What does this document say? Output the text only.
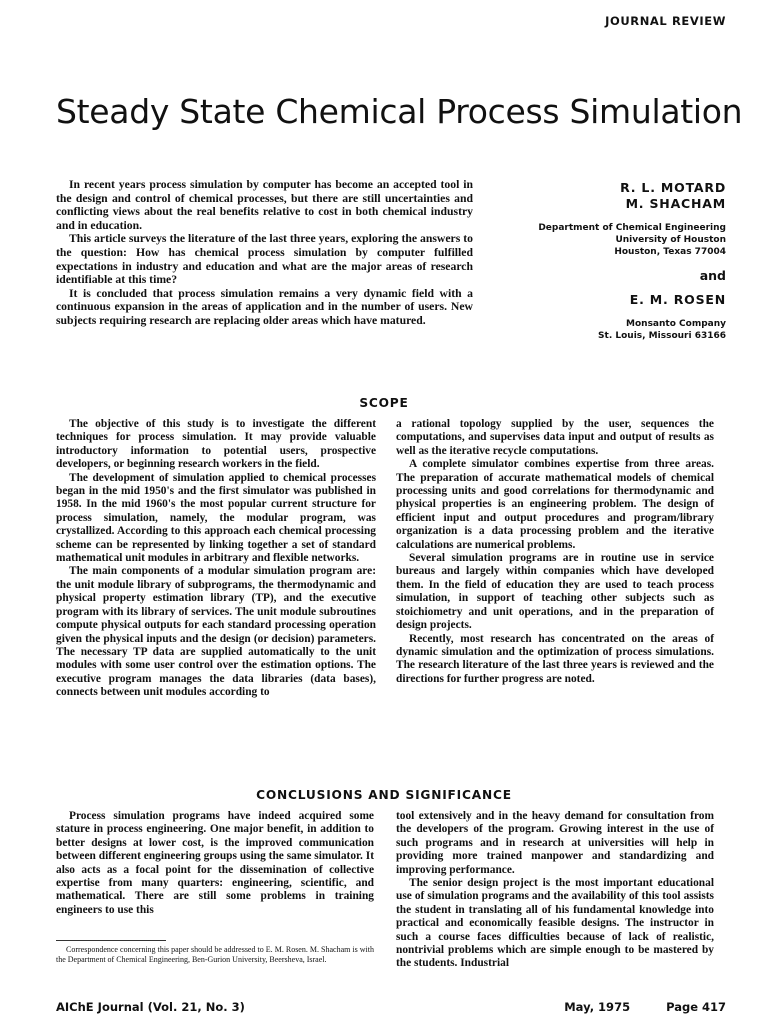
JOURNAL REVIEW
Steady State Chemical Process Simulation

In recent years process simulation by computer has become an accepted tool in the design and control of chemical processes, but there are still uncertainties and conflicting views about the real benefits relative to cost in both chemical industry and in education.

This article surveys the literature of the last three years, exploring the answers to the question: How has chemical process simulation by computer fulfilled expectations in industry and education and what are the major areas of research identifiable at this time?

It is concluded that process simulation remains a very dynamic field with a continuous expansion in the areas of application and in the number of users. New subjects requiring research are replacing older areas which have matured.

R. L. MOTARD
M. SHACHAM
Department of Chemical Engineering
University of Houston
Houston, Texas 77004
and
E. M. ROSEN
Monsanto Company
St. Louis, Missouri 63166
SCOPE

The objective of this study is to investigate the different techniques for process simulation. It may provide valuable introductory information to potential users, prospective developers, or beginning research workers in the field.

The development of simulation applied to chemical processes began in the mid 1950's and the first simulator was published in 1958. In the mid 1960's the most popular current structure for process simulation, namely, the modular program, was crystallized. According to this approach each chemical processing scheme can be represented by linking together a set of standard mathematical unit modules in arbitrary and flexible networks.

The main components of a modular simulation program are: the unit module library of subprograms, the thermodynamic and physical property estimation library (TP), and the executive program with its library of services. The unit module subroutines compute physical outputs for each standard processing operation given the physical inputs and the design (or decision) parameters. The necessary TP data are supplied automatically to the unit modules with some user control over the estimation options. The executive program manages the data libraries (data bases), connects between unit modules according to

a rational topology supplied by the user, sequences the computations, and supervises data input and output of results as well as the iterative recycle computations.

A complete simulator combines expertise from three areas. The preparation of accurate mathematical models of chemical processing units and good correlations for thermodynamic and physical properties is an engineering problem. The design of efficient input and output procedures and program/library organization is a data processing problem and the iterative calculations are numerical problems.

Several simulation programs are in routine use in service bureaus and largely within companies which have developed them. In the field of education they are used to teach process simulation, in support of teaching other subjects such as stoichiometry and unit operations, and in the preparation of design projects.

Recently, most research has concentrated on the areas of dynamic simulation and the optimization of process simulations. The research literature of the last three years is reviewed and the directions for further progress are noted.

CONCLUSIONS AND SIGNIFICANCE

Process simulation programs have indeed acquired some stature in process engineering. One major benefit, in addition to better designs at lower cost, is the improved communication between different engineering groups using the same simulator. It also acts as a focal point for the dissemination of collective expertise from many quarters: engineering, scientific, and mathematical. There are still some problems in training engineers to use this

tool extensively and in the heavy demand for consultation from the developers of the program. Growing interest in the use of such programs and in research at universities will help in providing more trained manpower and standardizing and improving performance.

The senior design project is the most important educational use of simulation programs and the availability of this tool assists the student in translating all of his fundamental knowledge into practical and economically feasible designs. The instructor in such a course faces difficulties because of lack of realistic, nontrivial problems which are simple enough to be mastered by the students. Industrial

Correspondence concerning this paper should be addressed to E. M. Rosen. M. Shacham is with the Department of Chemical Engineering, Ben-Gurion University, Beersheva, Israel.
AIChE Journal (Vol. 21, No. 3)	May, 1975	Page 417
